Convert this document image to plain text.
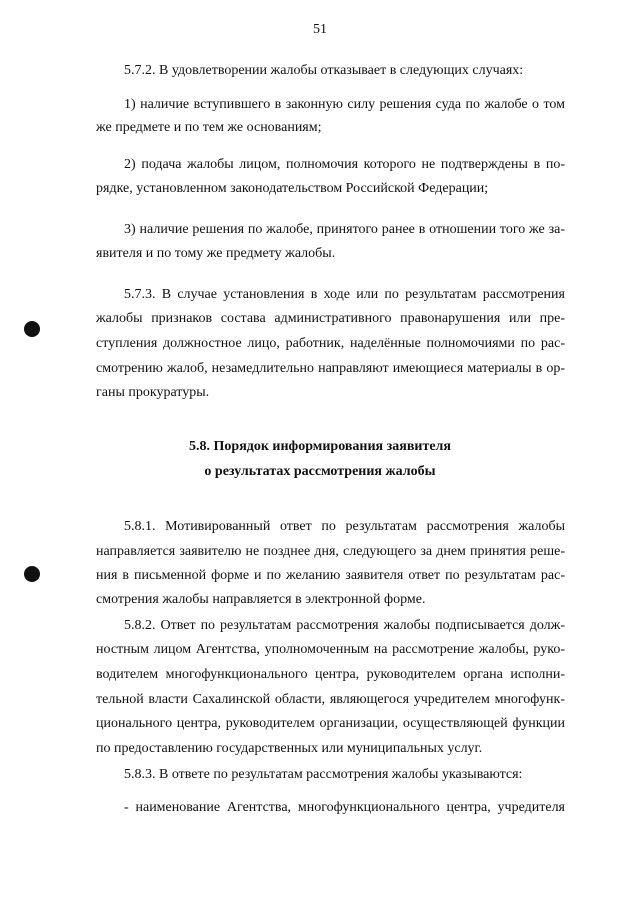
51

5.7.2. В удовлетворении жалобы отказывает в следующих случаях:

1) наличие вступившего в законную силу решения суда по жалобе о том

же предмете и по тем же основаниям;

2) подача жалобы лицом, полномочия которого не подтверждены в по-

рядке, установленном законодательством Российской Федерации;

3) наличие решения по жалобе, принятого ранее в отношении того же за-

явителя и по тому же предмету жалобы.

5.7.3. В случае установления в ходе или по результатам рассмотрения

жалобы признаков состава административного правонарушения или пре-

ступления должностное лицо, работник, наделённые полномочиями по рас-

смотрению жалоб, незамедлительно направляют имеющиеся материалы в ор-

ганы прокуратуры.

5.8. Порядок информирования заявителя

о результатах рассмотрения жалобы

5.8.1. Мотивированный ответ по результатам рассмотрения жалобы

направляется заявителю не позднее дня, следующего за днем принятия реше-

ния в письменной форме и по желанию заявителя ответ по результатам рас-

смотрения жалобы направляется в электронной форме.

5.8.2. Ответ по результатам рассмотрения жалобы подписывается долж-

ностным лицом Агентства, уполномоченным на рассмотрение жалобы, руко-

водителем многофункционального центра, руководителем органа исполни-

тельной власти Сахалинской области, являющегося учредителем многофунк-

ционального центра, руководителем организации, осуществляющей функции

по предоставлению государственных или муниципальных услуг.

5.8.3. В ответе по результатам рассмотрения жалобы указываются:

- наименование Агентства, многофункционального центра, учредителя
